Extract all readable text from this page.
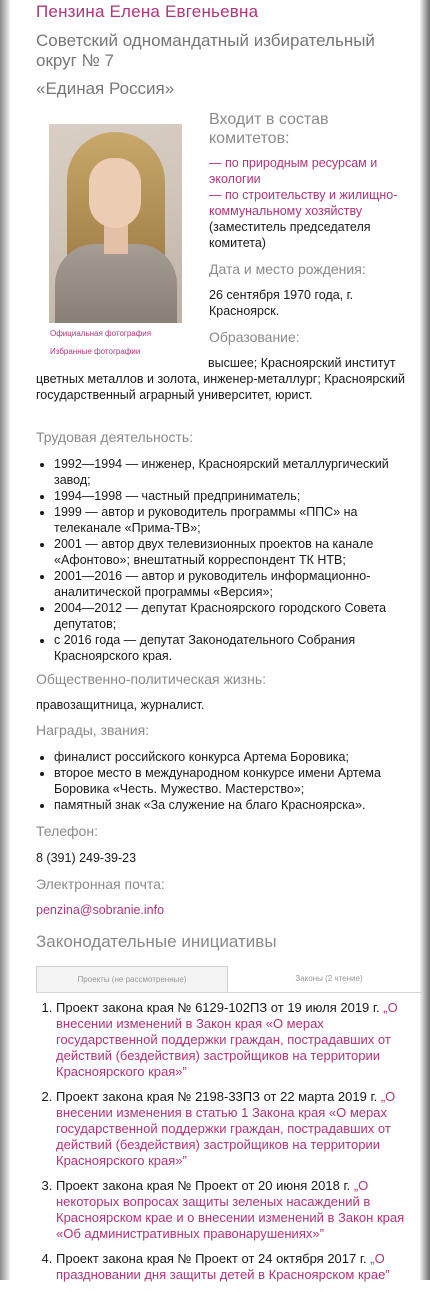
Пензина Елена Евгеньевна
Советский одномандатный избирательный округ № 7
«Единая Россия»
Официальная фотография
Избранные фотографии
Входит в состав комитетов:
— по природным ресурсам и экологии
— по строительству и жилищно-коммунальному хозяйству (заместитель председателя комитета)
Дата и место рождения:
26 сентября 1970 года, г. Красноярск.
Образование:
высшее; Красноярский институт цветных металлов и золота, инженер-металлург; Красноярский государственный аграрный университет, юрист.
Трудовая деятельность:
• 1992—1994 — инженер, Красноярский металлургический завод;
• 1994—1998 — частный предприниматель;
• 1999 — автор и руководитель программы «ППС» на телеканале «Прима-ТВ»;
• 2001 — автор двух телевизионных проектов на канале «Афонтово»; внештатный корреспондент ТК НТВ;
• 2001—2016 — автор и руководитель информационно-аналитической программы «Версия»;
• 2004—2012 — депутат Красноярского городского Совета депутатов;
• с 2016 года — депутат Законодательного Собрания Красноярского края.
Общественно-политическая жизнь:
правозащитница, журналист.
Награды, звания:
• финалист российского конкурса Артема Боровика;
• второе место в международном конкурсе имени Артема Боровика «Честь. Мужество. Мастерство»;
• памятный знак «За служение на благо Красноярска».
Телефон:
8 (391) 249-39-23
Электронная почта:
penzina@sobranie.info
Законодательные инициативы
Проекты (не рассмотренные)	Законы (2 чтение)
1. Проект закона края № 6129-102ПЗ от 19 июля 2019 г. „О внесении изменений в Закон края «О мерах государственной поддержки граждан, пострадавших от действий (бездействия) застройщиков на территории Красноярского края»”
2. Проект закона края № 2198-33ПЗ от 22 марта 2019 г. „О внесении изменения в статью 1 Закона края «О мерах государственной поддержки граждан, пострадавших от действий (бездействия) застройщиков на территории Красноярского края»”
3. Проект закона края № Проект от 20 июня 2018 г. „О некоторых вопросах защиты зеленых насаждений в Красноярском крае и о внесении изменений в Закон края «Об административных правонарушениях»”
4. Проект закона края № Проект от 24 октября 2017 г. „О праздновании дня защиты детей в Красноярском крае”
